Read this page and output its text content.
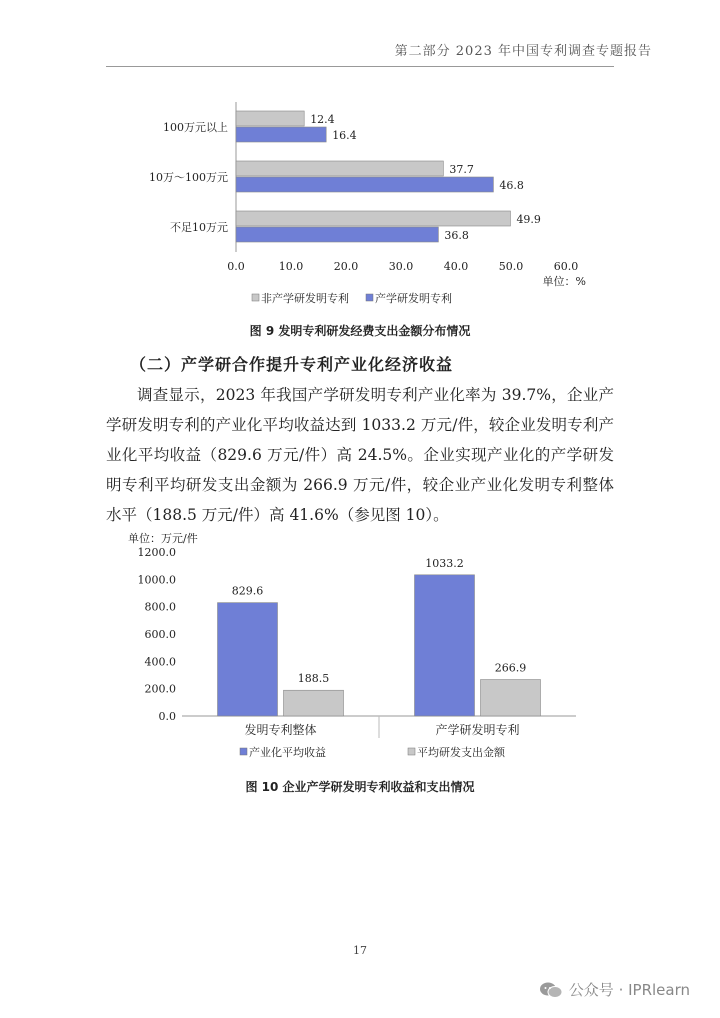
第二部分 2023 年中国专利调查专题报告
100万元以上
12.4
16.4
10万～100万元
37.7
46.8
不足10万元
49.9
36.8
0.0	10.0	20.0	30.0	40.0	50.0	60.0
单位：%
非产学研发明专利 产学研发明专利
图 9 发明专利研发经费支出金额分布情况
（二）产学研合作提升专利产业化经济收益

调查显示，2023 年我国产学研发明专利产业化率为 39.7%，企业产学研发明专利的产业化平均收益达到 1033.2 万元/件，较企业发明专利产业化平均收益（829.6 万元/件）高 24.5%。企业实现产业化的产学研发明专利平均研发支出金额为 266.9 万元/件，较企业产业化发明专利整体水平（188.5 万元/件）高 41.6%（参见图 10）。

单位：万元/件
0.0
200.0
400.0
600.0
800.0
1000.0
1200.0
829.6
188.5
发明专利整体
1033.2
266.9
产学研发明专利
产业化平均收益	平均研发支出金额
图 10 企业产学研发明专利收益和支出情况
17
公众号 · IPRlearn
